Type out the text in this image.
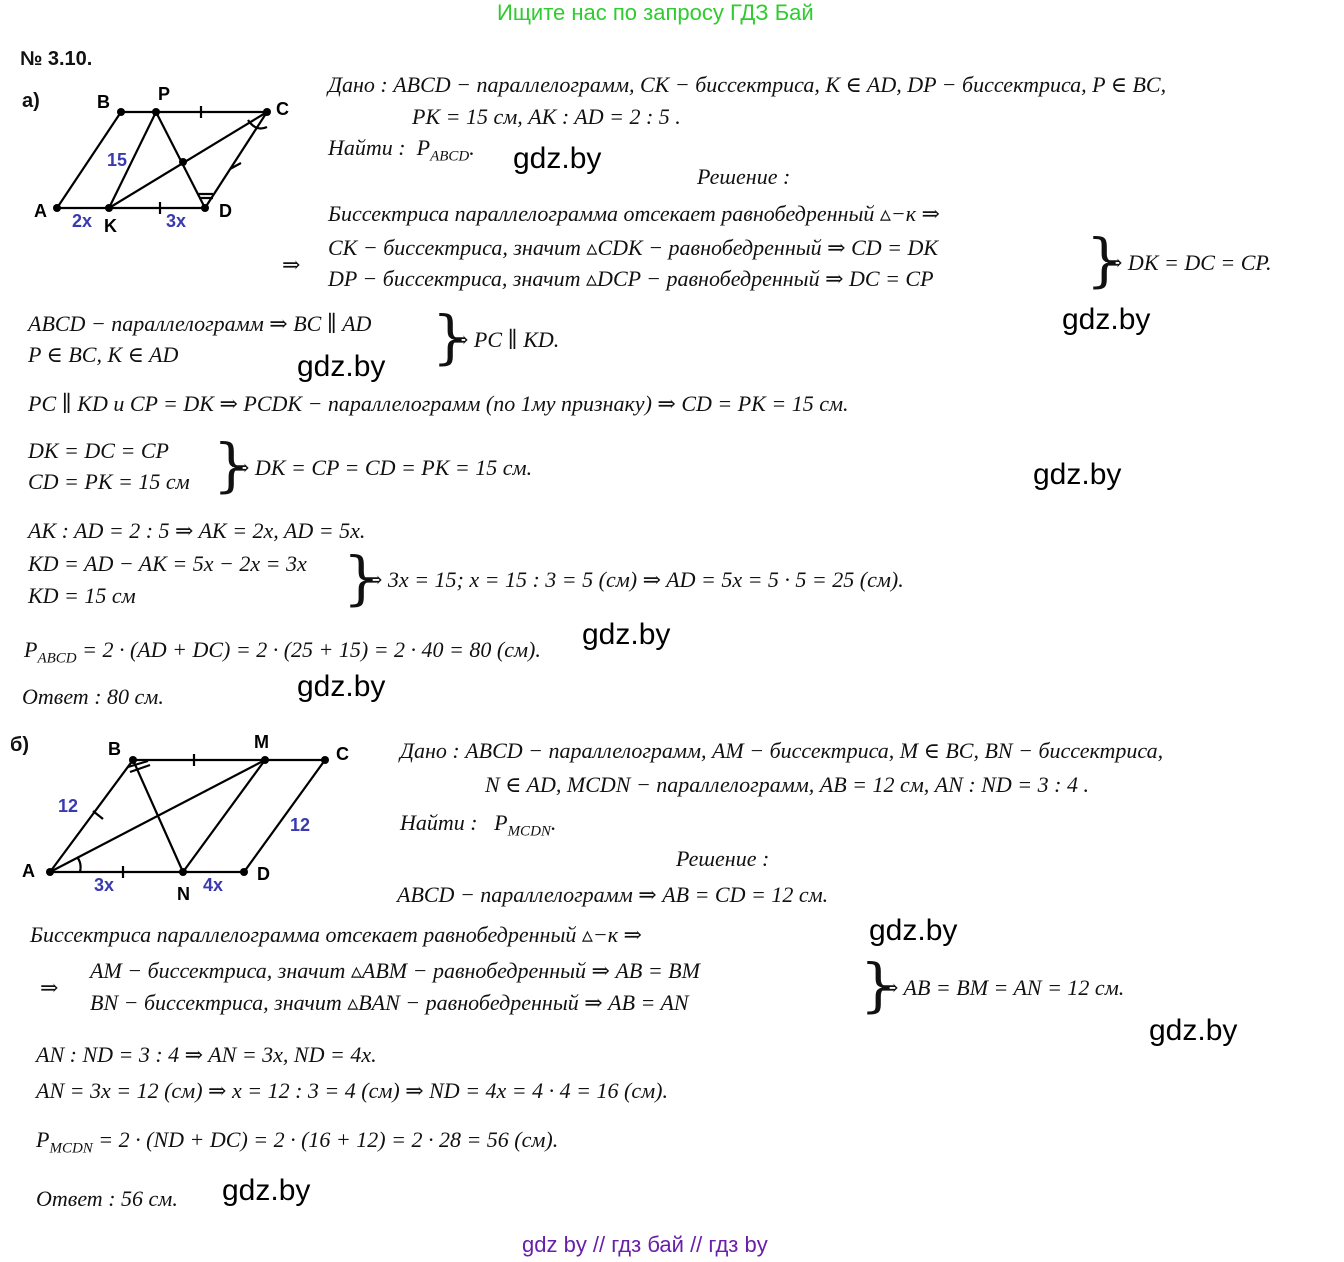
Ищите нас по запросу ГДЗ Бай
gdz by // гдз бай // гдз by
№ 3.10.
а)
A
B	P
C
K
D
15
2x	3x
Дано : ABCD − параллелограмм, CK − биссектриса, K ∈ AD, DP − биссектриса, P ∈ BC,
PK = 15 см, AK : AD = 2 : 5 .
Найти : $P_{ABCD}$. gdz.by
Решение :
Биссектриса параллелограмма отсекает равнобедренный ▵−к ⇒
⇒
CK − биссектриса, значит ▵CDK − равнобедренный ⇒ CD = DK
DP − биссектриса, значит ▵DCP − равнобедренный ⇒ DC = CP	}
⇒ DK = DC = CP.
gdz.by
ABCD − параллелограмм ⇒ BC ∥ AD
P ∈ BC, K ∈ AD	}
⇒ PC ∥ KD.
gdz.by
PC ∥ KD и CP = DK ⇒ PCDK − параллелограмм (по 1му признаку) ⇒ CD = PK = 15 см.
DK = DC = CP
CD = PK = 15 см }
⇒ DK = CP = CD = PK = 15 см.	gdz.by
AK : AD = 2 : 5 ⇒ AK = 2x, AD = 5x.
KD = AD − AK = 5x − 2x = 3x
KD = 15 см	}
⇒ 3x = 15; x = 15 : 3 = 5 (см) ⇒ AD = 5x = 5 · 5 = 25 (см).
$P_{ABCD} = 2 \cdot (AD + DC) = 2 \cdot (25 + 15) = 2 \cdot 40 = 80$ (см). gdz.by
Ответ : 80 см.	gdz.by
б)
A
B	M
C
N
D
12
12
3x	4x
Дано : ABCD − параллелограмм, AM − биссектриса, M ∈ BC, BN − биссектриса,
N ∈ AD, MCDN − параллелограмм, AB = 12 см, AN : ND = 3 : 4 .
Найти : $P_{MCDN}$.
Решение :
ABCD − параллелограмм ⇒ AB = CD = 12 см.
Биссектриса параллелограмма отсекает равнобедренный ▵−к ⇒	gdz.by
⇒
AM − биссектриса, значит ▵ABM − равнобедренный ⇒ AB = BM
BN − биссектриса, значит ▵BAN − равнобедренный ⇒ AB = AN	}
⇒ AB = BM = AN = 12 см.
gdz.by
AN : ND = 3 : 4 ⇒ AN = 3x, ND = 4x.
AN = 3x = 12 (см) ⇒ x = 12 : 3 = 4 (см) ⇒ ND = 4x = 4 · 4 = 16 (см).
$P_{MCDN} = 2 \cdot (ND + DC) = 2 \cdot (16 + 12) = 2 \cdot 28 = 56$ (см).
Ответ : 56 см. gdz.by
